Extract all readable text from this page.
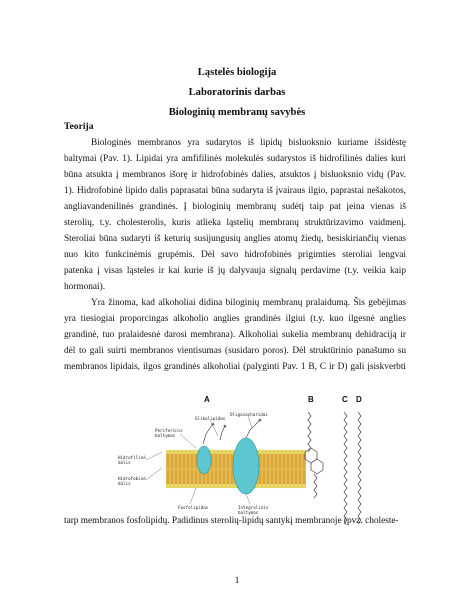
Ląstelės biologija
Laboratorinis darbas
Biologinių membranų savybės
Teorija
Biologinės membranos yra sudarytos iš lipidų bisluoksnio kuriame išsidėstę
baltymai (Pav. 1). Lipidai yra amfifilinės molekulės sudarystos iš hidrofilinės dalies kuri
būna atsukta į membranos išorę ir hidrofobinės dalies, atsuktos į bisluoksnio vidų (Pav.
1). Hidrofobinė lipido dalis paprasatai būna sudaryta iš įvairaus ilgio, paprastai nešakotos,
angliavandenilinės grandinės. Į biologinių membranų sudėtį taip pat įeina vienas iš
sterolių, t.y. cholesterolis, kuris atlieka ląstelių membranų struktūrizavimo vaidmenį.
Steroliai būna sudaryti iš keturių susijungusių anglies atomų žiedų, besiskiriančių vienas
nuo kito funkcinėmis grupėmis. Dėl savo hidrofobinės prigimties steroliai lengvai
patenka į visas ląsteles ir kai kurie iš jų dalyvauja signalų perdavime (t.y. veikia kaip
hormonai).
Yra žinoma, kad alkoholiai didina biloginių membranų pralaidumą. Šis gebėjimas
yra tiesiogiai proporcingas alkoholio anglies grandinės ilgiui (t.y. kuo ilgesnė anglies
grandinė, tuo pralaidesnė darosi membrana). Alkoholiai sukelia membranų dehidraciją ir
dėl to gali suirti membranos vientisumas (susidaro poros). Dėl struktūrinio panašumo su
membranos lipidais, ilgos grandinės alkoholiai (palyginti Pav. 1 B, C ir D) gali įsiskverbti
A	B	C D
Periferinis
baltymas
Glikolipidas
Oligosacharidai
Hidrofilinė
dalis
Hidrofobinė
dalis
Fosfolipidas	Integralinis
baltymas
tarp membranos fosfolipidų. Padidinus sterolių-lipidų santykį membranoje (pvz. choleste-
1
